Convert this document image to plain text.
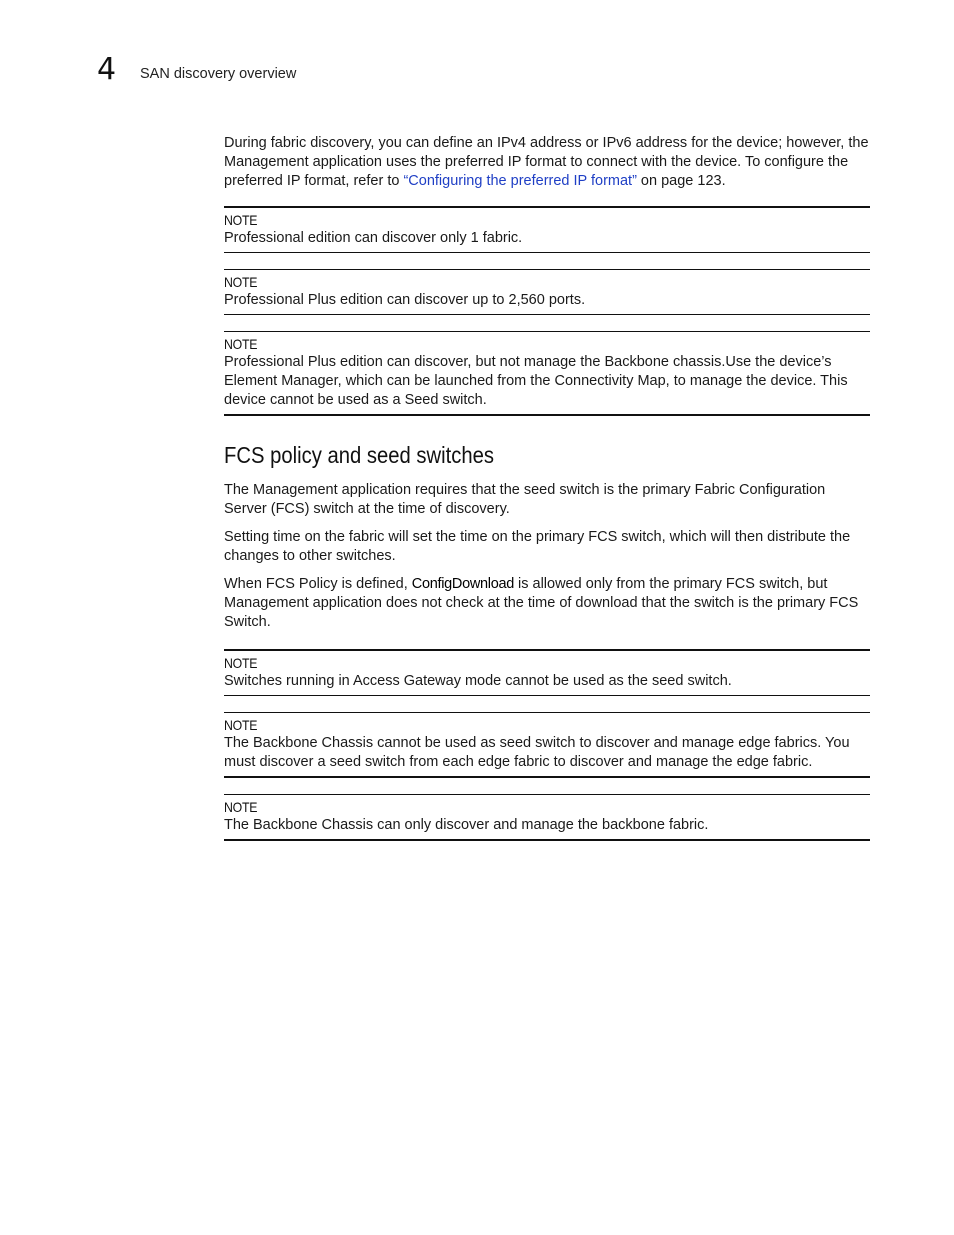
4 SAN discovery overview

During fabric discovery, you can define an IPv4 address or IPv6 address for the device; however, the Management application uses the preferred IP format to connect with the device. To configure the preferred IP format, refer to “Configuring the preferred IP format” on page 123.

NOTE
Professional edition can discover only 1 fabric.
NOTE
Professional Plus edition can discover up to 2,560 ports.
NOTE
Professional Plus edition can discover, but not manage the Backbone chassis.Use the device’s Element Manager, which can be launched from the Connectivity Map, to manage the device. This device cannot be used as a Seed switch.
FCS policy and seed switches

The Management application requires that the seed switch is the primary Fabric Configuration Server (FCS) switch at the time of discovery.

Setting time on the fabric will set the time on the primary FCS switch, which will then distribute the changes to other switches.

When FCS Policy is defined, ConfigDownload is allowed only from the primary FCS switch, but Management application does not check at the time of download that the switch is the primary FCS Switch.

NOTE
Switches running in Access Gateway mode cannot be used as the seed switch.
NOTE
The Backbone Chassis cannot be used as seed switch to discover and manage edge fabrics. You must discover a seed switch from each edge fabric to discover and manage the edge fabric.
NOTE
The Backbone Chassis can only discover and manage the backbone fabric.
